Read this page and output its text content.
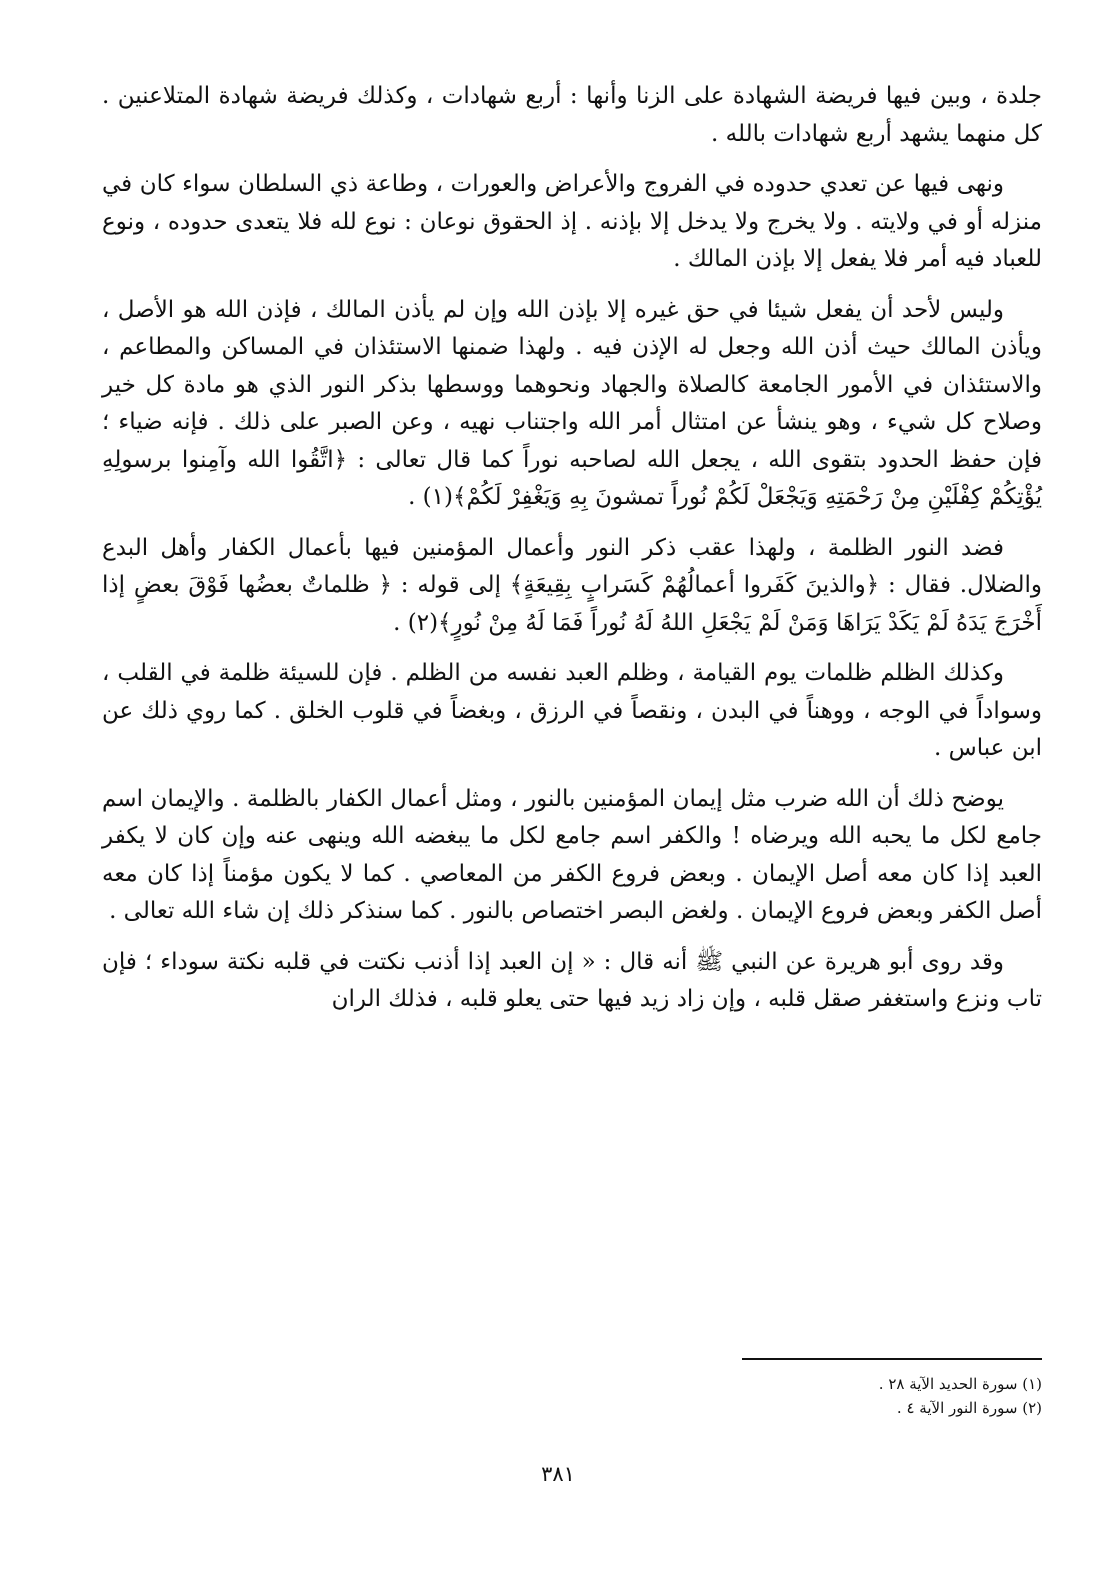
جلدة ، وبين فيها فريضة الشهادة على الزنا وأنها : أربع شهادات ، وكذلك فريضة شهادة المتلاعنين . كل منهما يشهد أربع شهادات بالله .

ونهى فيها عن تعدي حدوده في الفروج والأعراض والعورات ، وطاعة ذي السلطان سواء كان في منزله أو في ولايته . ولا يخرج ولا يدخل إلا بإذنه . إذ الحقوق نوعان : نوع لله فلا يتعدى حدوده ، ونوع للعباد فيه أمر فلا يفعل إلا بإذن المالك .

وليس لأحد أن يفعل شيئا في حق غيره إلا بإذن الله وإن لم يأذن المالك ، فإذن الله هو الأصل ، ويأذن المالك حيث أذن الله وجعل له الإذن فيه . ولهذا ضمنها الاستئذان في المساكن والمطاعم ، والاستئذان في الأمور الجامعة كالصلاة والجهاد ونحوهما ووسطها بذكر النور الذي هو مادة كل خير وصلاح كل شيء ، وهو ينشأ عن امتثال أمر الله واجتناب نهيه ، وعن الصبر على ذلك . فإنه ضياء ؛ فإن حفظ الحدود بتقوى الله ، يجعل الله لصاحبه نوراً كما قال تعالى : ﴿اتَّقُوا الله وآمِنوا برسولِهِ يُؤْتِكُمْ كِفْلَيْنِ مِنْ رَحْمَتِهِ وَيَجْعَلْ لَكُمْ نُوراً تمشونَ بِهِ وَيَغْفِرْ لَكُمْ﴾(١) .

فضد النور الظلمة ، ولهذا عقب ذكر النور وأعمال المؤمنين فيها بأعمال الكفار وأهل البدع والضلال. فقال : ﴿والذينَ كَفَروا أعمالُهُمْ كَسَرابٍ بِقِيعَةٍ﴾ إلى قوله : ﴿ ظلماتٌ بعضُها فَوْقَ بعضٍ إذا أَخْرَجَ يَدَهُ لَمْ يَكَدْ يَرَاهَا وَمَنْ لَمْ يَجْعَلِ اللهُ لَهُ نُوراً فَمَا لَهُ مِنْ نُورٍ﴾(٢) .

وكذلك الظلم ظلمات يوم القيامة ، وظلم العبد نفسه من الظلم . فإن للسيئة ظلمة في القلب ، وسواداً في الوجه ، ووهناً في البدن ، ونقصاً في الرزق ، وبغضاً في قلوب الخلق . كما روي ذلك عن ابن عباس .

يوضح ذلك أن الله ضرب مثل إيمان المؤمنين بالنور ، ومثل أعمال الكفار بالظلمة . والإيمان اسم جامع لكل ما يحبه الله ويرضاه ! والكفر اسم جامع لكل ما يبغضه الله وينهى عنه وإن كان لا يكفر العبد إذا كان معه أصل الإيمان . وبعض فروع الكفر من المعاصي . كما لا يكون مؤمناً إذا كان معه أصل الكفر وبعض فروع الإيمان . ولغض البصر اختصاص بالنور . كما سنذكر ذلك إن شاء الله تعالى .

وقد روى أبو هريرة عن النبي ﷺ أنه قال : « إن العبد إذا أذنب نكتت في قلبه نكتة سوداء ؛ فإن تاب ونزع واستغفر صقل قلبه ، وإن زاد زيد فيها حتى يعلو قلبه ، فذلك الران

(١) سورة الحديد الآية ٢٨ .
(٢) سورة النور الآية ٤ .
٣٨١
